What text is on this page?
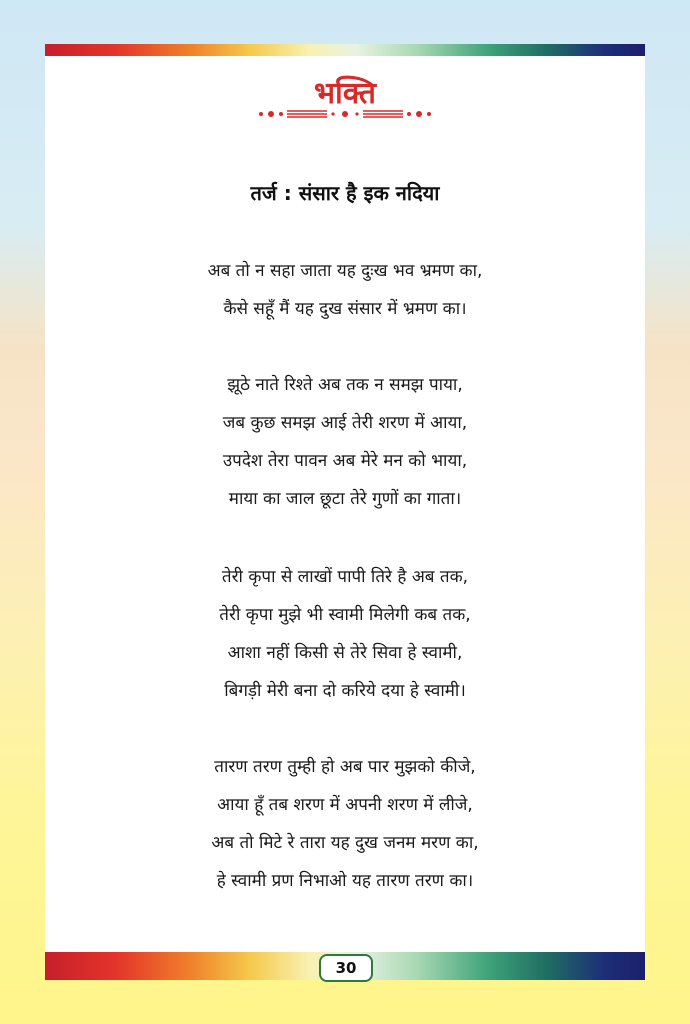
भक्ति
तर्ज : संसार है इक नदिया
अब तो न सहा जाता यह दुःख भव भ्रमण का,
कैसे सहूँ मैं यह दुख संसार में भ्रमण का।
झूठे नाते रिश्ते अब तक न समझ पाया,
जब कुछ समझ आई तेरी शरण में आया,
उपदेश तेरा पावन अब मेरे मन को भाया,
माया का जाल छूटा तेरे गुणों का गाता।
तेरी कृपा से लाखों पापी तिरे है अब तक,
तेरी कृपा मुझे भी स्वामी मिलेगी कब तक,
आशा नहीं किसी से तेरे सिवा हे स्वामी,
बिगड़ी मेरी बना दो करिये दया हे स्वामी।
तारण तरण तुम्ही हो अब पार मुझको कीजे,
आया हूँ तब शरण में अपनी शरण में लीजे,
अब तो मिटे रे तारा यह दुख जनम मरण का,
हे स्वामी प्रण निभाओ यह तारण तरण का।
30
